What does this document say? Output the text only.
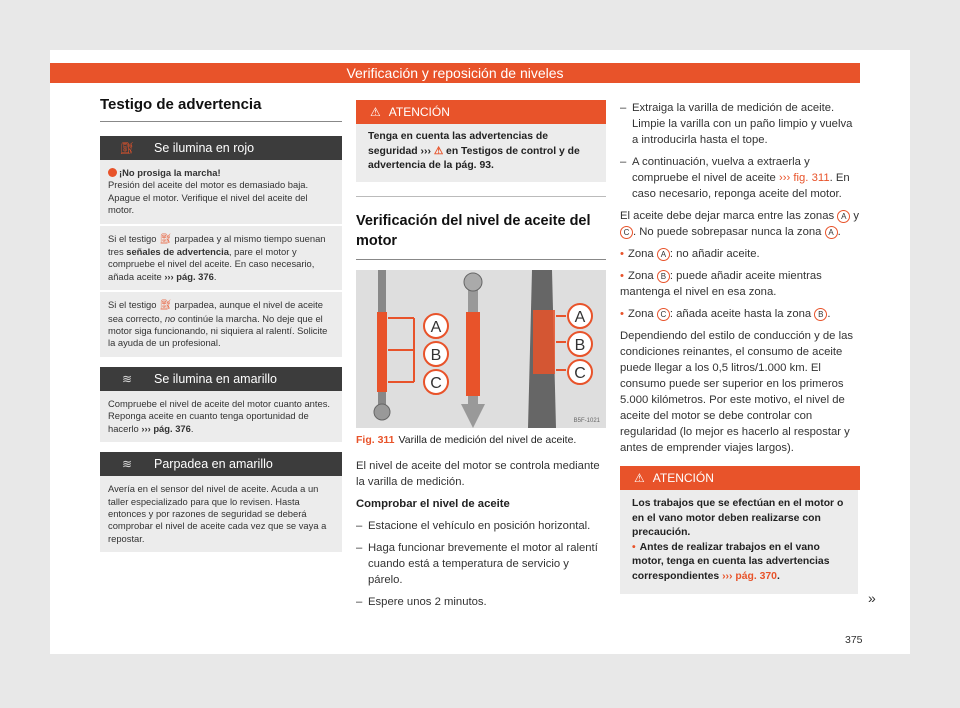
Verificación y reposición de niveles
Testigo de advertencia
⛽︎	Se ilumina en rojo

¡No prosiga la marcha!

Presión del aceite del motor es demasiado baja. Apague el motor. Verifique el nivel del aceite del motor.

Si el testigo ⛽︎ parpadea y al mismo tiempo suenan tres señales de advertencia, pare el motor y compruebe el nivel del aceite. En caso necesario, añada aceite ››› pág. 376.

Si el testigo ⛽︎ parpadea, aunque el nivel de aceite sea correcto, no continúe la marcha. No deje que el motor siga funcionando, ni siquiera al ralentí. Solicite la ayuda de un profesional.

≋	Se ilumina en amarillo

Compruebe el nivel de aceite del motor cuanto antes. Reponga aceite en cuanto tenga oportunidad de hacerlo ››› pág. 376.

≋	Parpadea en amarillo

Avería en el sensor del nivel de aceite. Acuda a un taller especializado para que lo revisen. Hasta entonces y por razones de seguridad se deberá comprobar el nivel de aceite cada vez que se vaya a repostar.

⚠ ATENCIÓN
Tenga en cuenta las advertencias de seguridad ››› ⚠ en Testigos de control y de advertencia de la pág. 93.
Verificación del nivel de aceite del motor
A
B
C
A
B
C
B5F-1021
Fig. 311 Varilla de medición del nivel de aceite.

El nivel de aceite del motor se controla mediante la varilla de medición.

Comprobar el nivel de aceite

– Estacione el vehículo en posición horizontal.
– Haga funcionar brevemente el motor al ralentí cuando está a temperatura de servicio y párelo.
– Espere unos 2 minutos.
– Extraiga la varilla de medición de aceite. Limpie la varilla con un paño limpio y vuelva a introducirla hasta el tope.
– A continuación, vuelva a extraerla y compruebe el nivel de aceite ››› fig. 311. En caso necesario, reponga aceite del motor.

El aceite debe dejar marca entre las zonas A y C . No puede sobrepasar nunca la zona A .

• Zona A : no añadir aceite.

• Zona B : puede añadir aceite mientras mantenga el nivel en esa zona.

• Zona C : añada aceite hasta la zona B .

Dependiendo del estilo de conducción y de las condiciones reinantes, el consumo de aceite puede llegar a los 0,5 litros/1.000 km. El consumo puede ser superior en los primeros 5.000 kilómetros. Por este motivo, el nivel de aceite del motor se debe controlar con regularidad (lo mejor es hacerlo al respostar y antes de emprender viajes largos).

⚠ ATENCIÓN
Los trabajos que se efectúan en el motor o en el vano motor deben realizarse con precaución.
• Antes de realizar trabajos en el vano motor, tenga en cuenta las advertencias correspondientes ››› pág. 370.
»
375
